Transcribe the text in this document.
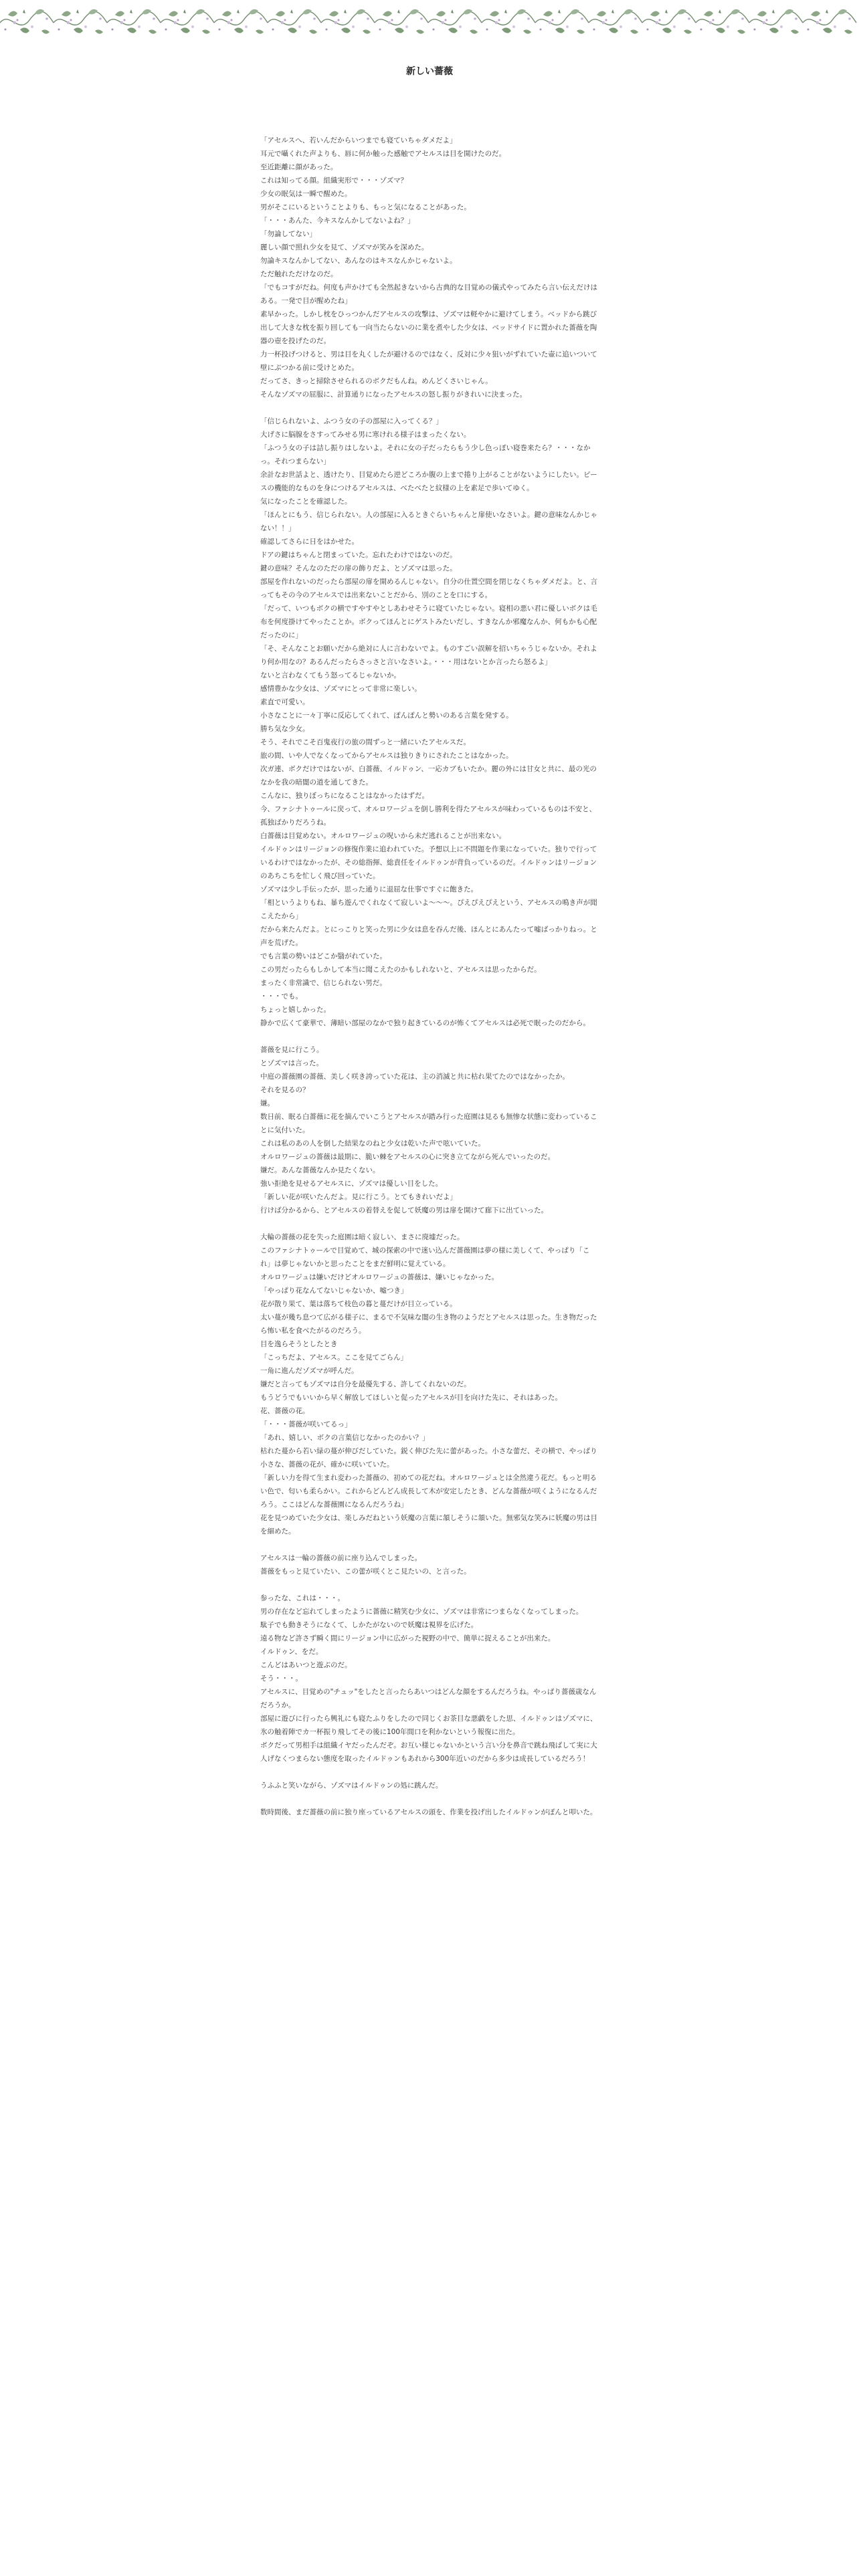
新しい薔薇

「アセルスへ、若いんだからいつまでも寝ていちゃダメだよ」
耳元で囁くれた声よりも、唇に何か触った感触でアセルスは目を開けたのだ。
至近距離に顔があった。
これは知ってる顔。組織実形で・・・ゾズマ？
少女の眠気は一瞬で醒めた。
男がそこにいるということよりも、もっと気になることがあった。
「・・・あんた、今キスなんかしてないよね？」
「勿論してない」
麗しい顔で照れ少女を見て、ゾズマが笑みを深めた。
勿論キスなんかしてない、あんなのはキスなんかじゃないよ。
ただ触れただけなのだ。
「でもコすがだね。何度も声かけても全然起きないから古典的な目覚めの儀式やってみたら言い伝えだけはある。一発で目が醒めたね」
素早かった。しかし枕をひっつかんだアセルスの攻撃は、ゾズマは軽やかに避けてしまう。ベッドから跳び出して大きな枕を振り回しても一向当たらないのに業を煮やした少女は、ベッドサイドに置かれた薔薇を陶器の壺を投げたのだ。
力一杯投げつけると、男は目を丸くしたが避けるのではなく、反対に少々狙いがずれていた壷に追いついて壁にぶつかる前に受けとめた。
だってさ、きっと掃除させられるのボクだもんね。めんどくさいじゃん。
そんなゾズマの屈服に、計算通りになったアセルスの怒し振りがきれいに決まった。

「信じられないよ、ふつう女の子の部屋に入ってくる？」
大げさに脳腺をさすってみせる男に寒けれる様子はまったくない。
「ふつう女の子は詰し振りはしないよ。それに女の子だったらもう少し色っぽい寝巻来たら？・・・なかっ。それつまらない」
余計なお世話よと、透けたり、目覚めたら逆どころか腹の上まで捲り上がることがないようにしたい。ピースの機能的なものを身につけるアセルスは、べたべたと紋様の上を素足で歩いてゆく。
気になったことを確認した。
「ほんとにもう、信じられない。人の部屋に入るときぐらいちゃんと扉使いなさいよ。鍵の意味なんかじゃない！！」
確認してさらに日をはかせた。
ドアの鍵はちゃんと閉まっていた。忘れたわけではないのだ。
鍵の意味？そんなのただの扉の飾りだよ、とゾズマは思った。
部屋を作れないのだったら部屋の扉を開めるんじゃない。自分の仕置空間を閉じなくちゃダメだよ。と、言ってもその今のアセルスでは出来ないことだから、別のことを口にする。
「だって、いつもボクの横ですやすやとしあわせそうに寝ていたじゃない。寝相の悪い君に優しいボクは毛布を何度掛けてやったことか。ボクってほんとにゲストみたいだし、すきなんか邪魔なんか、何もかも心配だったのに」
「そ、そんなことお願いだから絶対に人に言わないでよ。ものすごい誤解を招いちゃうじゃないか。それより何か用なの？あるんだったらさっさと言いなさいよ。・・・用はないとか言ったら怒るよ」
ないと言わなくてもう怒ってるじゃないか。
感情豊かな少女は、ゾズマにとって非常に楽しい。
素直で可愛い。
小さなことに一々丁寧に反応してくれて、ぽんぽんと勢いのある言葉を発する。
勝ち気な少女。
そう、それでこそ百鬼夜行の旅の間ずっと一緒にいたアセルスだ。
旅の間、いや人でなくなってからアセルスは独りきりにされたことはなかった。
次ガ連、ボクだけではないが、白薔薇、イルドゥン、一応カブもいたか。麗の外には甘女と共に、最の光のなかを我の暗闇の道を通してきた。
こんなに、独りぼっちになることはなかったはずだ。
今、ファシナトゥールに戻って、オルロワージュを倒し勝利を得たアセルスが味わっているものは不安と、孤独ばかりだろうね。
白薔薇は目覚めない。オルロワージュの呪いから未だ逃れることが出来ない。
イルドゥンはリージョンの修復作業に追われていた。予想以上に不問題を作業になっていた。独りで行っているわけではなかったが、その総指揮、総責任をイルドゥンが背負っているのだ。イルドゥンはリージョンのあちこちを忙しく飛び回っていた。
ゾズマは少し手伝ったが、思った通りに退屈な仕事ですぐに飽きた。
「相というよりもね、暴ち遊んでくれなくて寂しいよ〜〜〜。ぴえぴえぴえという、アセルスの鳴き声が聞こえたから」
だから来たんだよ。とにっこりと笑った男に少女は息を吞んだ後、ほんとにあんたって嘘ばっかりねっ。と声を荒げた。
でも言葉の勢いはどこか翳がれていた。
この男だったらもしかして本当に聞こえたのかもしれないと、アセルスは思ったからだ。
まったく非常識で、信じられない男だ。
・・・でも。
ちょっと嬉しかった。
静かで広くて豪華で、薄暗い部屋のなかで独り起きているのが怖くてアセルスは必死で眠ったのだから。

薔薇を見に行こう。
とゾズマは言った。
中庭の薔薇園の薔薇、美しく咲き誇っていた花は、主の消滅と共に枯れ果てたのではなかったか。
それを見るの？
嫌。
数日前、眠る白薔薇に花を摘んでいこうとアセルスが踏み行った庭園は見るも無惨な状態に変わっていることに気付いた。
これは私のあの人を倒した結果なのねと少女は乾いた声で呟いていた。
オルロワージュの薔薇は最期に、脆い棘をアセルスの心に突き立てながら死んでいったのだ。
嫌だ。あんな薔薇なんか見たくない。
強い拒絶を見せるアセルスに、ゾズマは優しい目をした。
「新しい花が咲いたんだよ。見に行こう。とてもきれいだよ」
行けば分かるから、とアセルスの着替えを促して妖魔の男は扉を開けて廊下に出ていった。

大輪の薔薇の花を失った庭園は暗く寂しい、まさに廃墟だった。
このファシナトゥールで目覚めて、城の探索の中で迷い込んだ薔薇園は夢の様に美しくて、やっぱり「これ」は夢じゃないかと思ったことをまだ鮮明に覚えている。
オルロワージュは嫌いだけどオルロワージュの薔薇は、嫌いじゃなかった。
「やっぱり花なんてないじゃないか、嘘つき」
花が散り果て、葉は落ちて枝色の暮と蔓だけが目立っている。
太い蔓が幾ち息つて広がる様子に、まるで不気味な闇の生き物のようだとアセルスは思った。生き物だったら怖い私を食べたがるのだろう。
目を逸らそうとしたとき
「こっちだよ、アセルス。ここを見てごらん」
一角に進んだゾズマが呼んだ。
嫌だと言ってもゾズマは自分を最優先する、許してくれないのだ。
もうどうでもいいから早く解放してほしいと促ったアセルスが目を向けた先に、それはあった。
花、薔薇の花。
「・・・薔薇が咲いてるっ」
「あれ、嬉しい、ボクの言葉信じなかったのかい？」
枯れた蔓から若い緑の蔓が伸びだしていた。鋭く伸びた先に蕾があった。小さな蕾だ、その横で、やっぱり小さな、薔薇の花が、確かに咲いていた。
「新しい力を得て生まれ変わった薔薇の、初めての花だね。オルロワージュとは全然違う花だ。もっと明るい色で、匂いも柔らかい。これからどんどん成長して木が安定したとき、どんな薔薇が咲くようになるんだろう。ここはどんな薔薇園になるんだろうね」
花を見つめていた少女は、楽しみだねという妖魔の言葉に頷しそうに頷いた。無邪気な笑みに妖魔の男は目を細めた。

アセルスは一輪の薔薇の前に座り込んでしまった。
薔薇をもっと見ていたい、この蕾が咲くとこ見たいの、と言った。

参ったな、これは・・・。
男の存在など忘れてしまったように薔薇に精笑む少女に、ゾズマは非常につまらなくなってしまった。
駄子でも動きそうになくて、しかたがないので妖魔は視界を広げた。
遠る物など許さず瞬く間にリージョン中に広がった視野の中で、簡単に捉えることが出来た。
イルドゥン、をだ。
こんどはあいつと遊ぶのだ。
そう・・・。
アセルスに、目覚めの"チュッ"をしたと言ったらあいつはどんな顔をするんだろうね。やっぱり薔薇歳なんだろうか。
部屋に遊びに行ったら興礼にも寝たふりをしたので同じくお茶目な悪戯をした思、イルドゥンはゾズマに、氷の触着陣でカ一杯振り飛してその後に100年間口を利かないという報復に出た。
ボクだって男相手は組織イヤだったんだぞ。お互い様じゃないかという言い分を鼻音で跳ね飛ばして実に大人げなくつまらない態度を取ったイルドゥンもあれから300年近いのだから多少は成長しているだろう！

うふふと笑いながら、ゾズマはイルドゥンの処に跳んだ。

数時間後、まだ薔薇の前に独り座っているアセルスの頭を、作業を投げ出したイルドゥンがぽんと叩いた。
